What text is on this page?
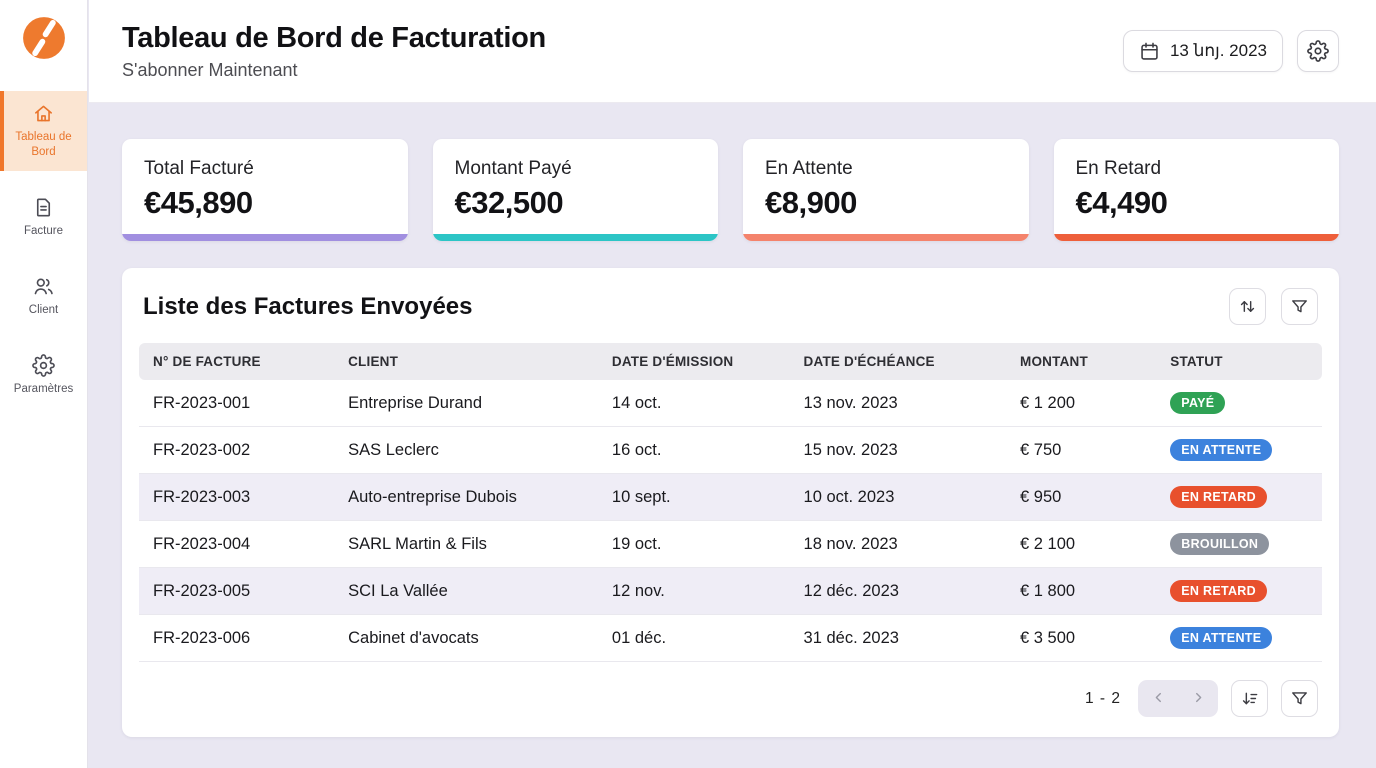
Tableau de Bord
Facture
Client
Paramètres
Tableau de Bord de Facturation
S'abonner Maintenant
13 նոյ. 2023
Total Facturé
€45,890
Montant Payé
€32,500
En Attente
€8,900
En Retard
€4,490
Liste des Factures Envoyées
N° DE FACTURE	CLIENT	DATE D'ÉMISSION	DATE D'ÉCHÉANCE	MONTANT	STATUT
FR-2023-001	Entreprise Durand	14 oct.	13 nov. 2023	€ 1 200	PAYÉ
FR-2023-002	SAS Leclerc	16 oct.	15 nov. 2023	€ 750	EN ATTENTE
FR-2023-003	Auto-entreprise Dubois	10 sept.	10 oct. 2023	€ 950	EN RETARD
FR-2023-004	SARL Martin & Fils	19 oct.	18 nov. 2023	€ 2 100	BROUILLON
FR-2023-005	SCI La Vallée	12 nov.	12 déc. 2023	€ 1 800	EN RETARD
FR-2023-006	Cabinet d'avocats	01 déc.	31 déc. 2023	€ 3 500	EN ATTENTE
1 - 2
